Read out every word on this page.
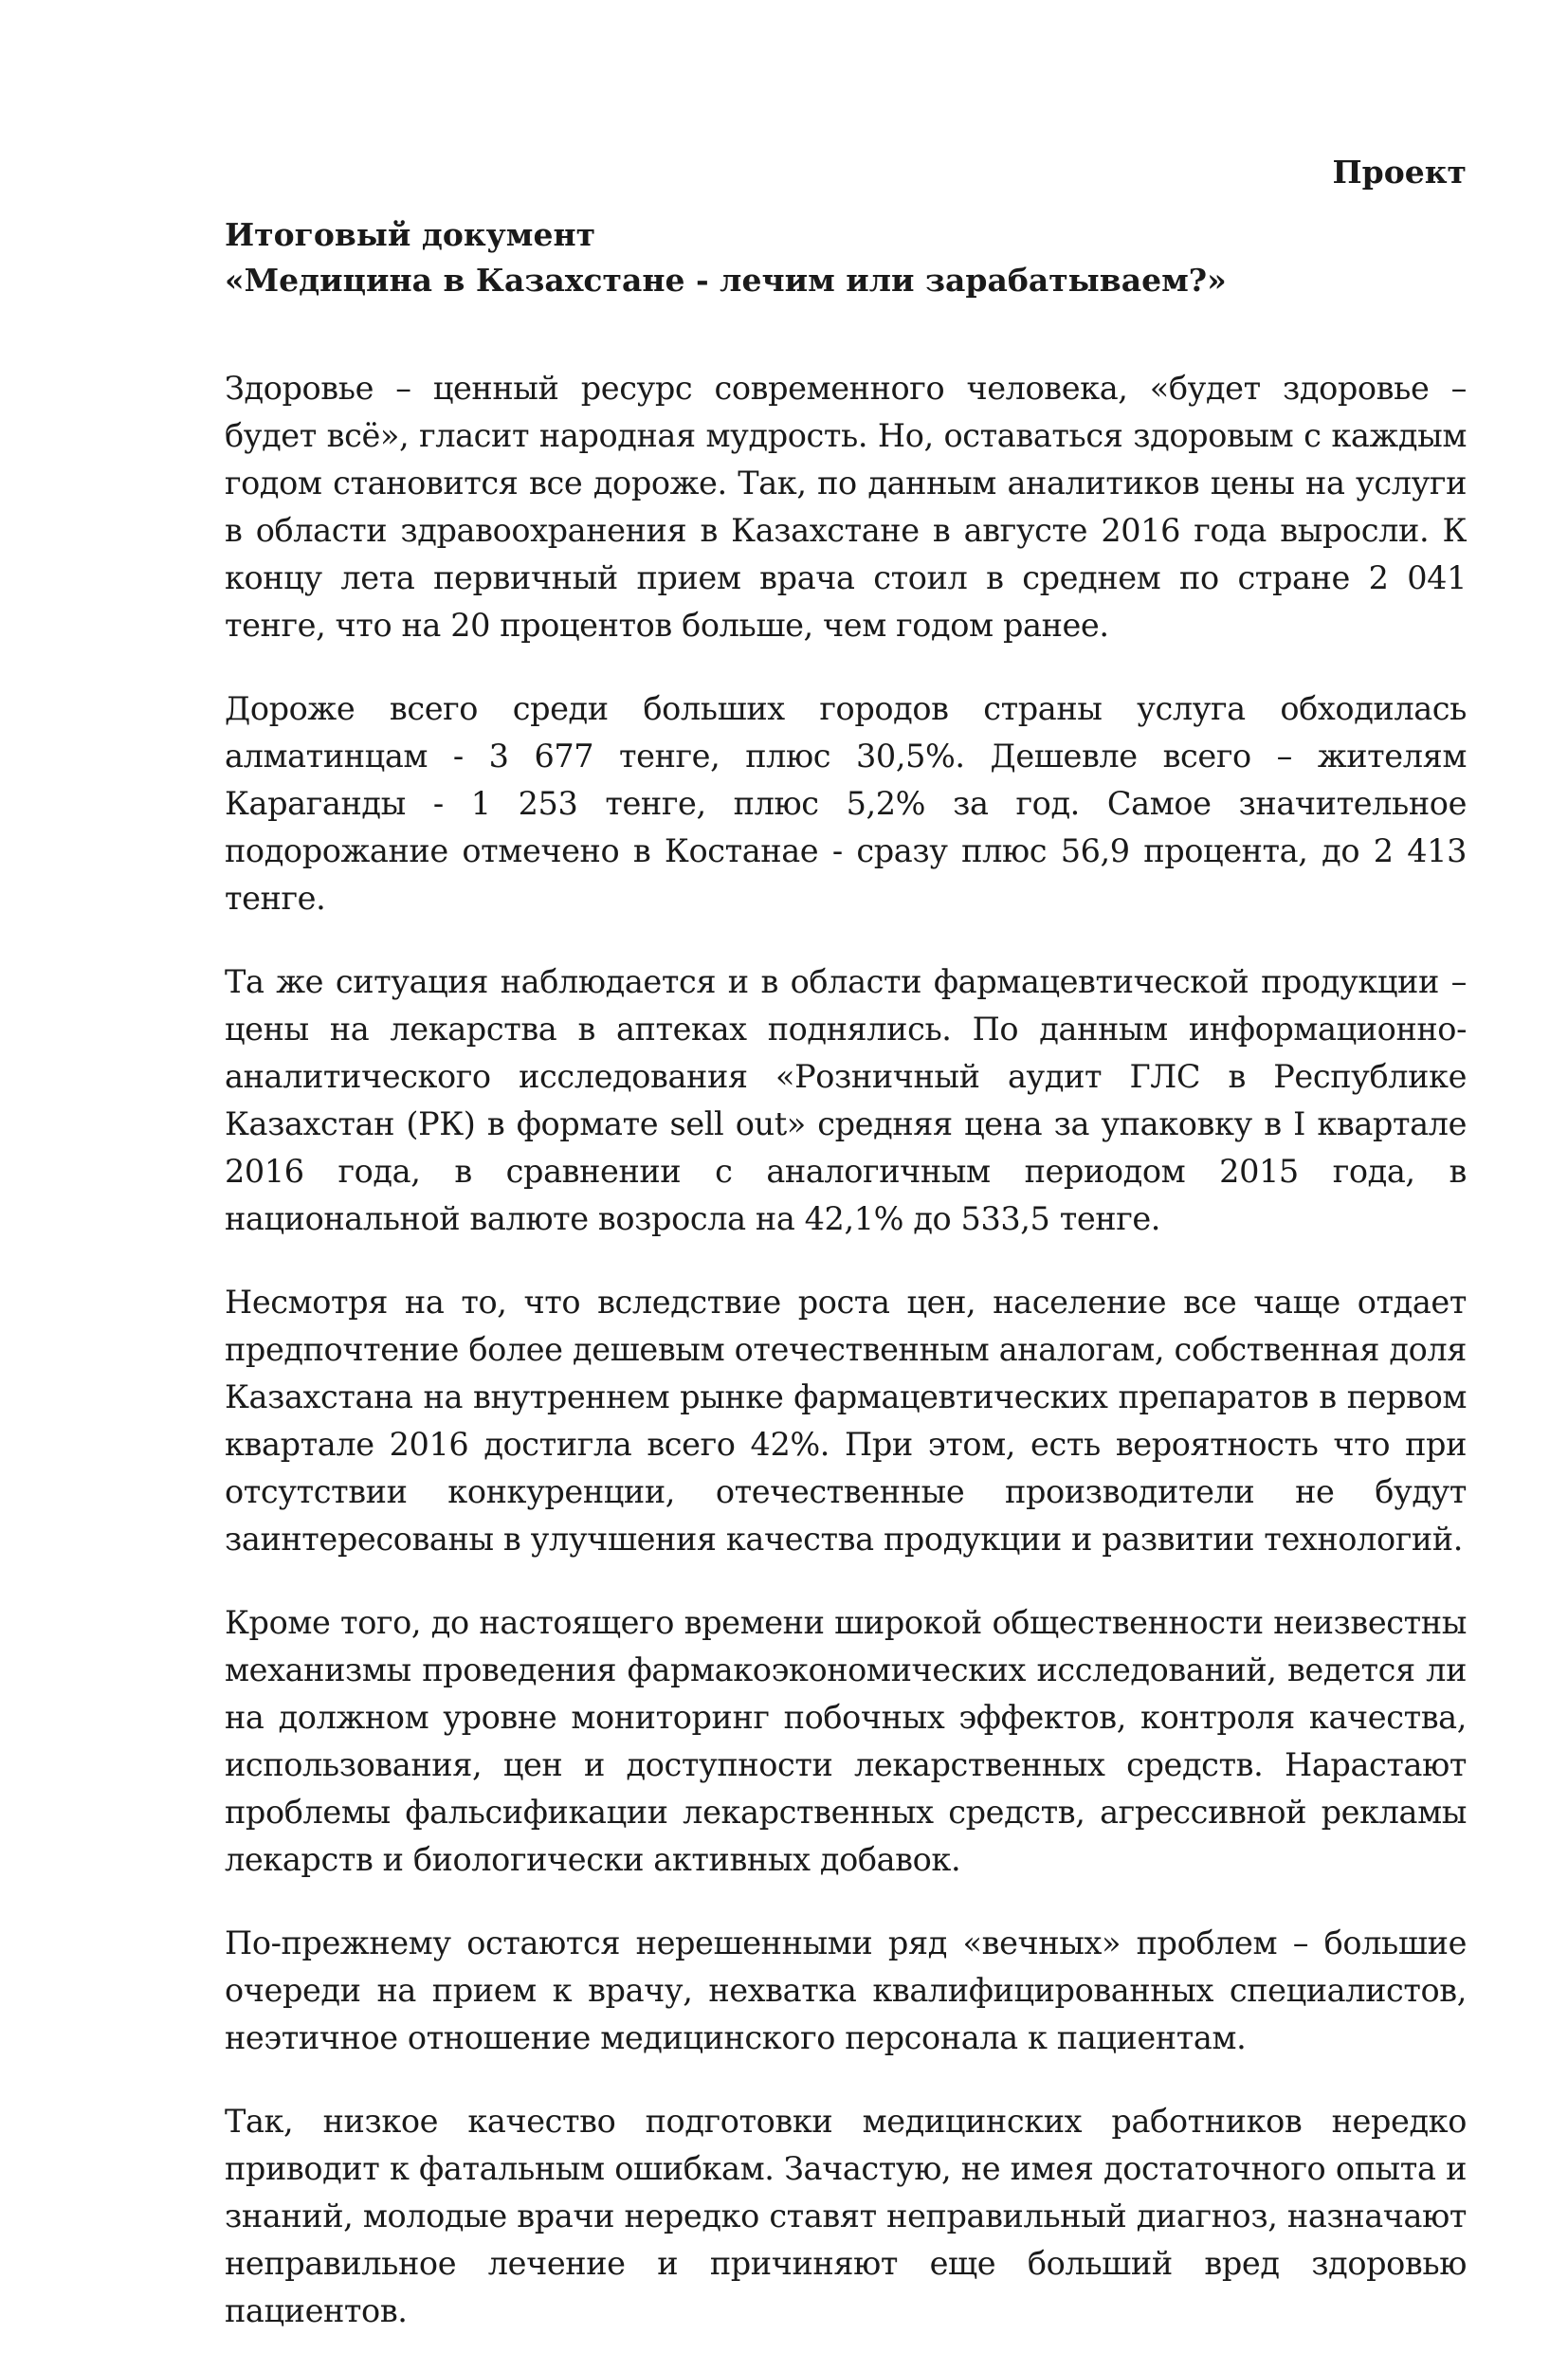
Проект
Итоговый документ
«Медицина в Казахстане - лечим или зарабатываем?»

Здоровье – ценный ресурс современного человека, «будет здоровье – будет всё», гласит народная мудрость. Но, оставаться здоровым с каждым годом становится все дороже. Так, по данным аналитиков цены на услуги в области здравоохранения в Казахстане в августе 2016 года выросли. К концу лета первичный прием врача стоил в среднем по стране 2 041 тенге, что на 20 процентов больше, чем годом ранее.

Дороже всего среди больших городов страны услуга обходилась алматинцам - 3 677 тенге, плюс 30,5%. Дешевле всего – жителям Караганды - 1 253 тенге, плюс 5,2% за год. Самое значительное подорожание отмечено в Костанае - сразу плюс 56,9 процента, до 2 413 тенге.

Та же ситуация наблюдается и в области фармацевтической продукции – цены на лекарства в аптеках поднялись. По данным информационно-аналитического исследования «Розничный аудит ГЛС в Республике Казахстан (РК) в формате sell out» средняя цена за упаковку в I квартале 2016 года, в сравнении с аналогичным периодом 2015 года, в национальной валюте возросла на 42,1% до 533,5 тенге.

Несмотря на то, что вследствие роста цен, население все чаще отдает предпочтение более дешевым отечественным аналогам, собственная доля Казахстана на внутреннем рынке фармацевтических препаратов в первом квартале 2016 достигла всего 42%. При этом, есть вероятность что при отсутствии конкуренции, отечественные производители не будут заинтересованы в улучшения качества продукции и развитии технологий.

Кроме того, до настоящего времени широкой общественности неизвестны механизмы проведения фармакоэкономических исследований, ведется ли на должном уровне мониторинг побочных эффектов, контроля качества, использования, цен и доступности лекарственных средств. Нарастают проблемы фальсификации лекарственных средств, агрессивной рекламы лекарств и биологически активных добавок.

По-прежнему остаются нерешенными ряд «вечных» проблем – большие очереди на прием к врачу, нехватка квалифицированных специалистов, неэтичное отношение медицинского персонала к пациентам.

Так, низкое качество подготовки медицинских работников нередко приводит к фатальным ошибкам. Зачастую, не имея достаточного опыта и знаний, молодые врачи нередко ставят неправильный диагноз, назначают неправильное лечение и причиняют еще больший вред здоровью пациентов.
